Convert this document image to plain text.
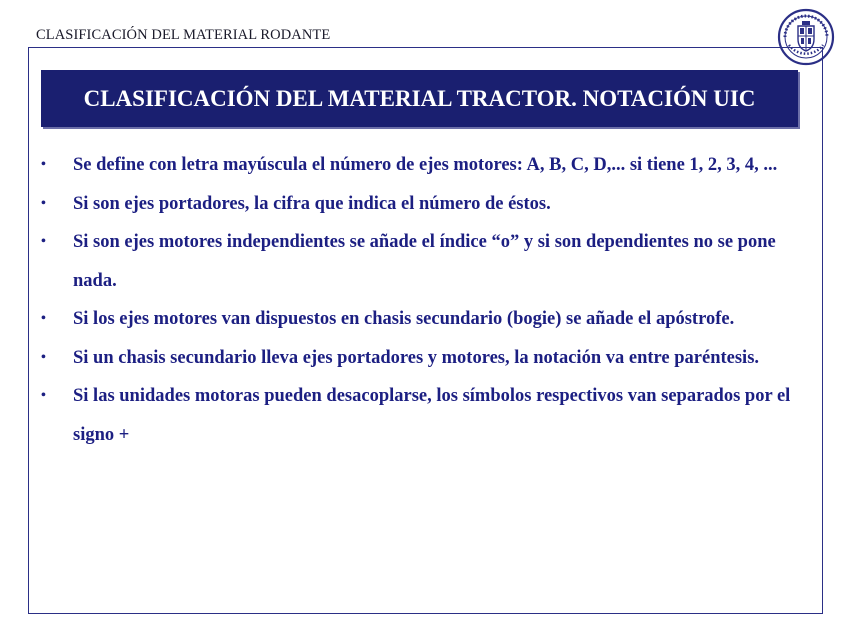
CLASIFICACIÓN DEL MATERIAL RODANTE
CLASIFICACIÓN DEL MATERIAL TRACTOR. NOTACIÓN UIC
• Se define con letra mayúscula el número de ejes motores: A, B, C, D,... si tiene 1, 2, 3, 4, ...
• Si son ejes portadores, la cifra que indica el número de éstos.
• Si son ejes motores independientes se añade el índice “o” y si son dependientes no se pone nada.
• Si los ejes motores van dispuestos en chasis secundario (bogie) se añade el apóstrofe.
• Si un chasis secundario lleva ejes portadores y motores, la notación va entre paréntesis.
• Si las unidades motoras pueden desacoplarse, los símbolos respectivos van separados por el signo +
